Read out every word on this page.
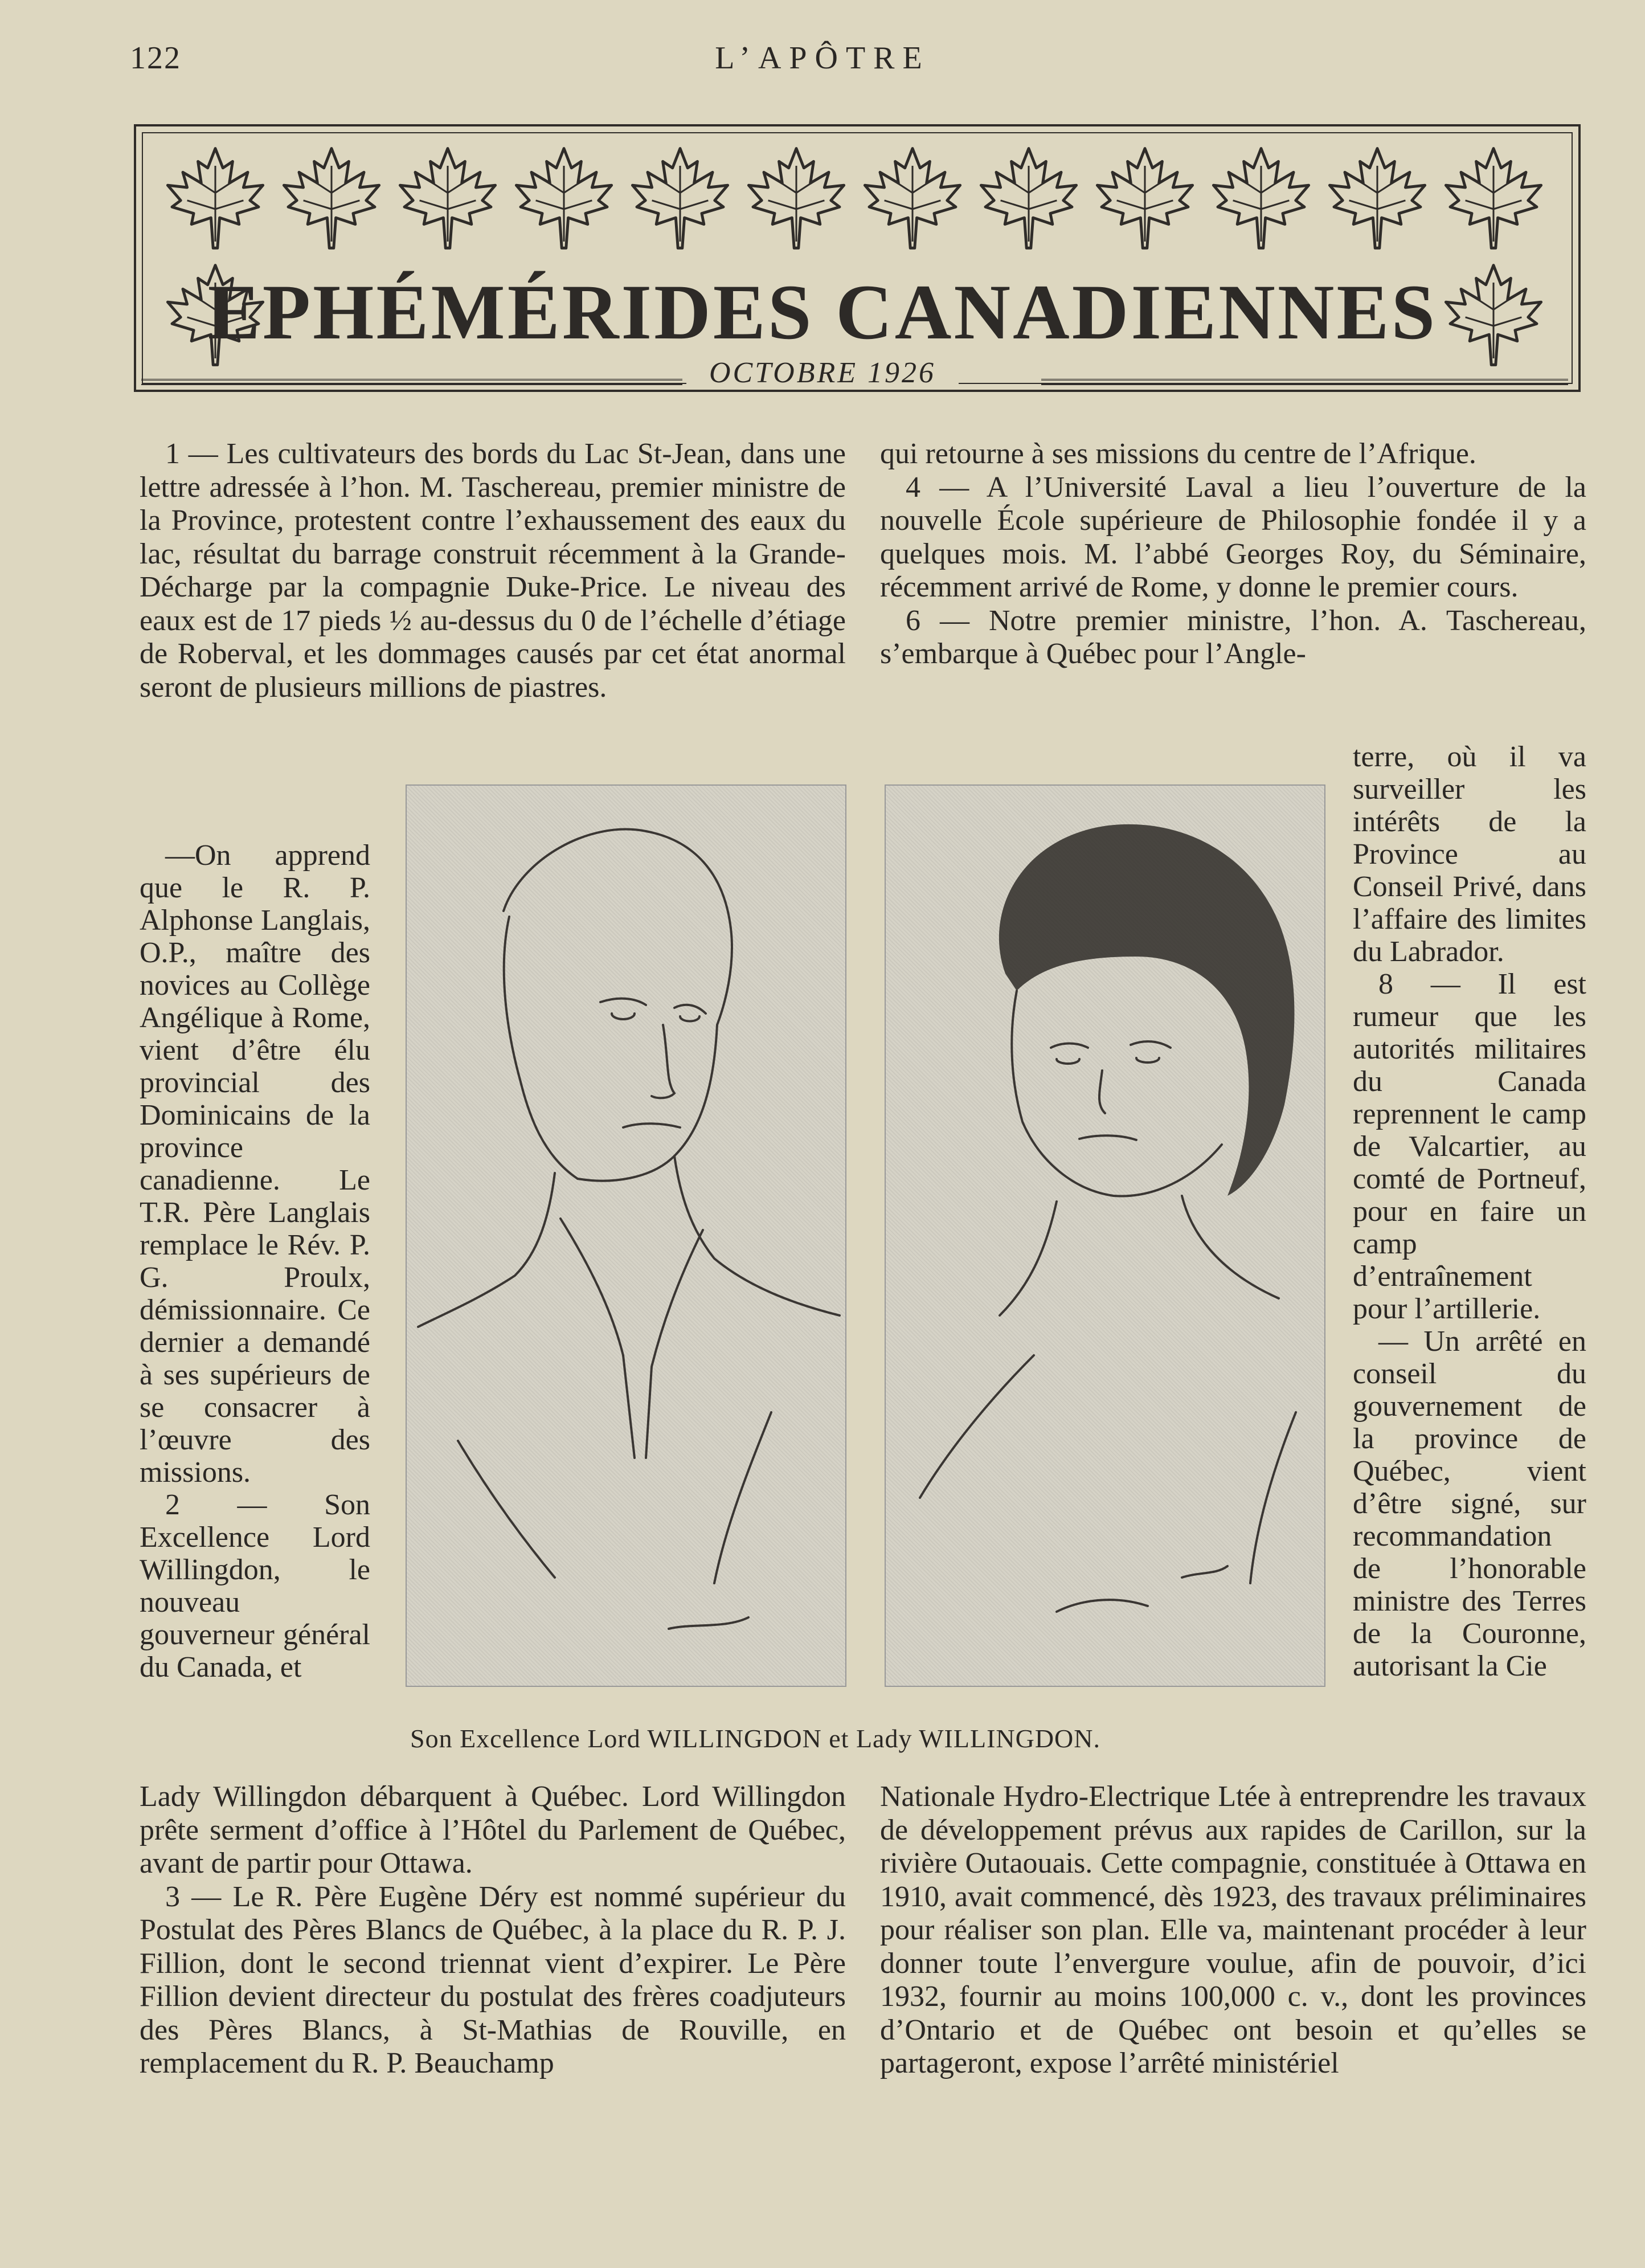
122	L’APÔTRE
EPHÉMÉRIDES CANADIENNES
OCTOBRE 1926

1 — Les cultivateurs des bords du Lac St-Jean, dans une lettre adressée à l’hon. M. Taschereau, premier ministre de la Province, protestent contre l’exhaussement des eaux du lac, résultat du barrage construit récemment à la Grande-Décharge par la compagnie Duke-Price. Le niveau des eaux est de 17 pieds ½ au-dessus du 0 de l’échelle d’étiage de Roberval, et les dommages causés par cet état anormal seront de plusieurs millions de piastres.

—On apprend que le R. P. Alphonse Langlais, O.P., maître des novices au Collège Angélique à Rome, vient d’être élu provincial des Dominicains de la province canadienne. Le T.R. Père Langlais remplace le Rév. P. G. Proulx, démissionnaire. Ce dernier a demandé à ses supérieurs de se consacrer à l’œuvre des missions.

2 — Son Excellence Lord Willingdon, le nouveau gouverneur général du Canada, et

Lady Willingdon débarquent à Québec. Lord Willingdon prête serment d’office à l’Hôtel du Parlement de Québec, avant de partir pour Ottawa.

3 — Le R. Père Eugène Déry est nommé supérieur du Postulat des Pères Blancs de Québec, à la place du R. P. J. Fillion, dont le second triennat vient d’expirer. Le Père Fillion devient directeur du postulat des frères coadjuteurs des Pères Blancs, à St-Mathias de Rouville, en remplacement du R. P. Beauchamp

qui retourne à ses missions du centre de l’Afrique.

4 — A l’Université Laval a lieu l’ouverture de la nouvelle École supérieure de Philosophie fondée il y a quelques mois. M. l’abbé Georges Roy, du Séminaire, récemment arrivé de Rome, y donne le premier cours.

6 — Notre premier ministre, l’hon. A. Taschereau, s’embarque à Québec pour l’Angle-

terre, où il va surveiller les intérêts de la Province au Conseil Privé, dans l’affaire des limites du Labrador.

8 — Il est rumeur que les autorités militaires du Canada reprennent le camp de Valcartier, au comté de Portneuf, pour en faire un camp d’entraînement pour l’artillerie.

— Un arrêté en conseil du gouvernement de la province de Québec, vient d’être signé, sur recommandation de l’honorable ministre des Terres de la Couronne, autorisant la Cie

Nationale Hydro-Electrique Ltée à entreprendre les travaux de développement prévus aux rapides de Carillon, sur la rivière Outaouais. Cette compagnie, constituée à Ottawa en 1910, avait commencé, dès 1923, des travaux préliminaires pour réaliser son plan. Elle va, maintenant procéder à leur donner toute l’envergure voulue, afin de pouvoir, d’ici 1932, fournir au moins 100,000 c. v., dont les provinces d’Ontario et de Québec ont besoin et qu’elles se partageront, expose l’arrêté ministériel

Son Excellence Lord WILLINGDON et Lady WILLINGDON.
